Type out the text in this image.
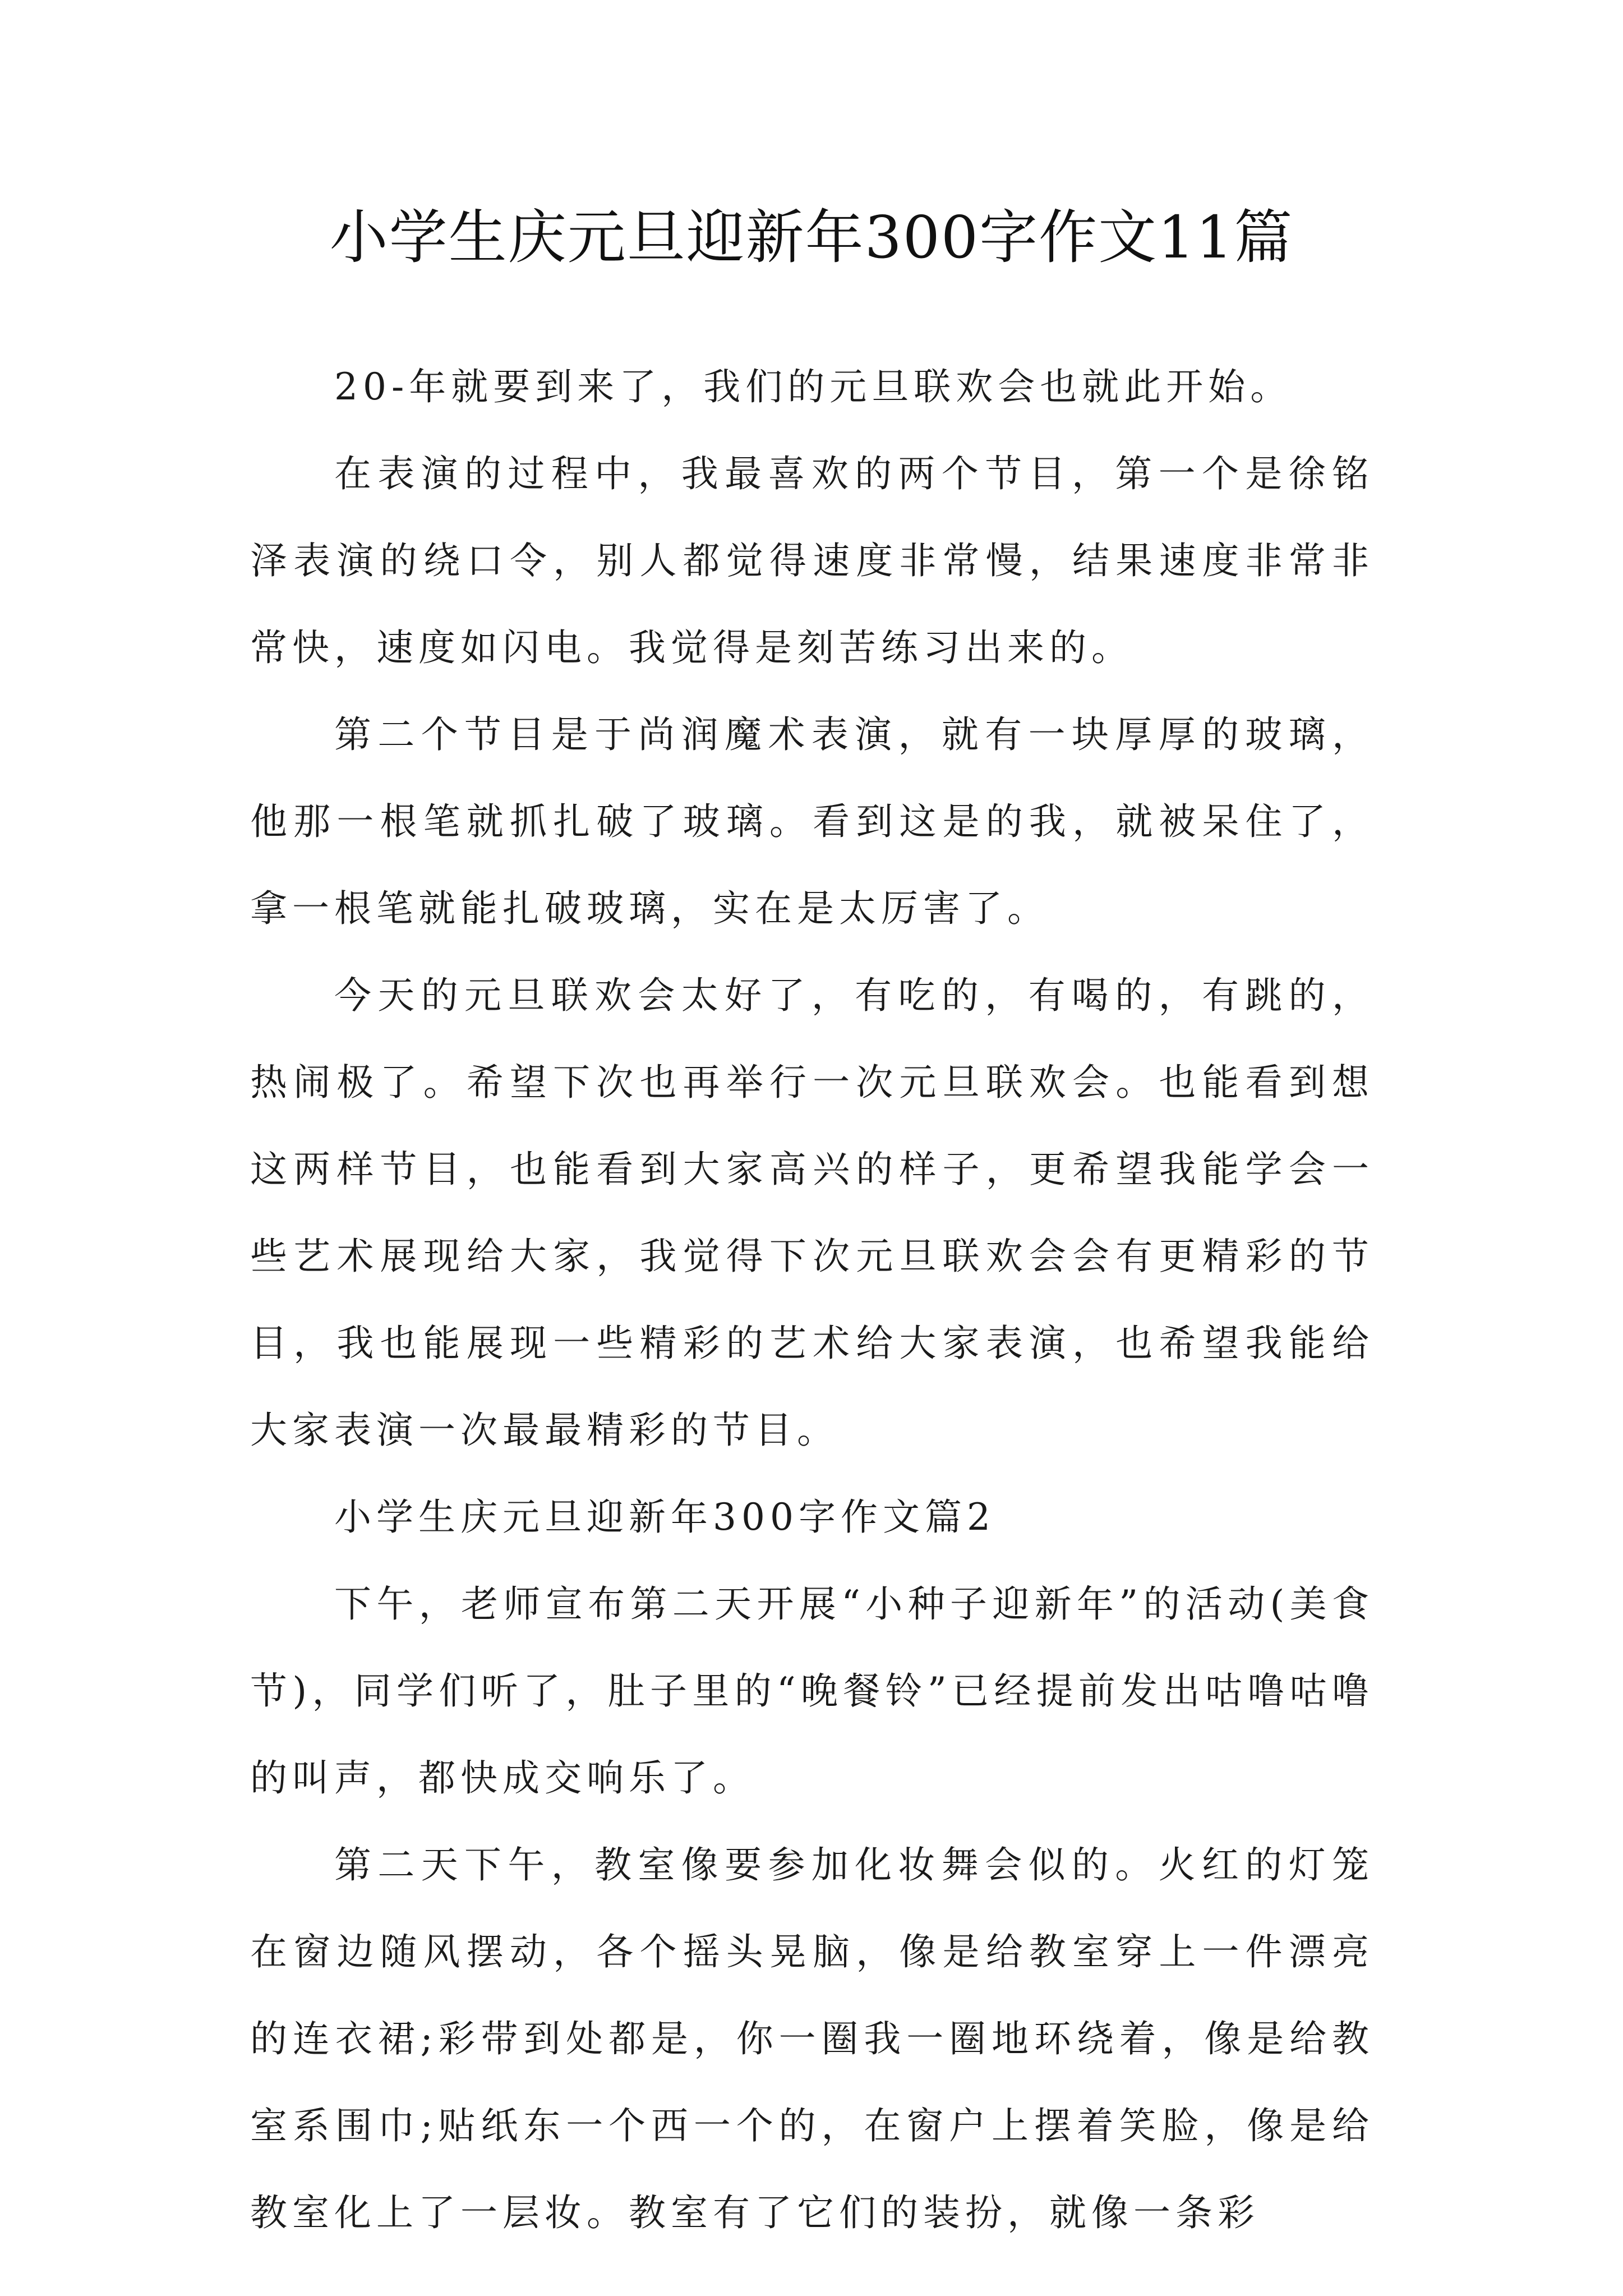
小学生庆元旦迎新年300字作文11篇

20-年就要到来了，我们的元旦联欢会也就此开始。

在表演的过程中，我最喜欢的两个节目，第一个是徐铭泽表演的绕口令，别人都觉得速度非常慢，结果速度非常非常快，速度如闪电。我觉得是刻苦练习出来的。

第二个节目是于尚润魔术表演，就有一块厚厚的玻璃，他那一根笔就抓扎破了玻璃。看到这是的我，就被呆住了，拿一根笔就能扎破玻璃，实在是太厉害了。

今天的元旦联欢会太好了，有吃的，有喝的，有跳的，热闹极了。希望下次也再举行一次元旦联欢会。也能看到想这两样节目，也能看到大家高兴的样子，更希望我能学会一些艺术展现给大家，我觉得下次元旦联欢会会有更精彩的节目，我也能展现一些精彩的艺术给大家表演，也希望我能给大家表演一次最最精彩的节目。

小学生庆元旦迎新年300字作文篇2

下午，老师宣布第二天开展“小种子迎新年”的活动(美食节)，同学们听了，肚子里的“晚餐铃”已经提前发出咕噜咕噜的叫声，都快成交响乐了。

第二天下午，教室像要参加化妆舞会似的。火红的灯笼在窗边随风摆动，各个摇头晃脑，像是给教室穿上一件漂亮的连衣裙;彩带到处都是，你一圈我一圈地环绕着，像是给教室系围巾;贴纸东一个西一个的，在窗户上摆着笑脸，像是给教室化上了一层妆。教室有了它们的装扮，就像一条彩
